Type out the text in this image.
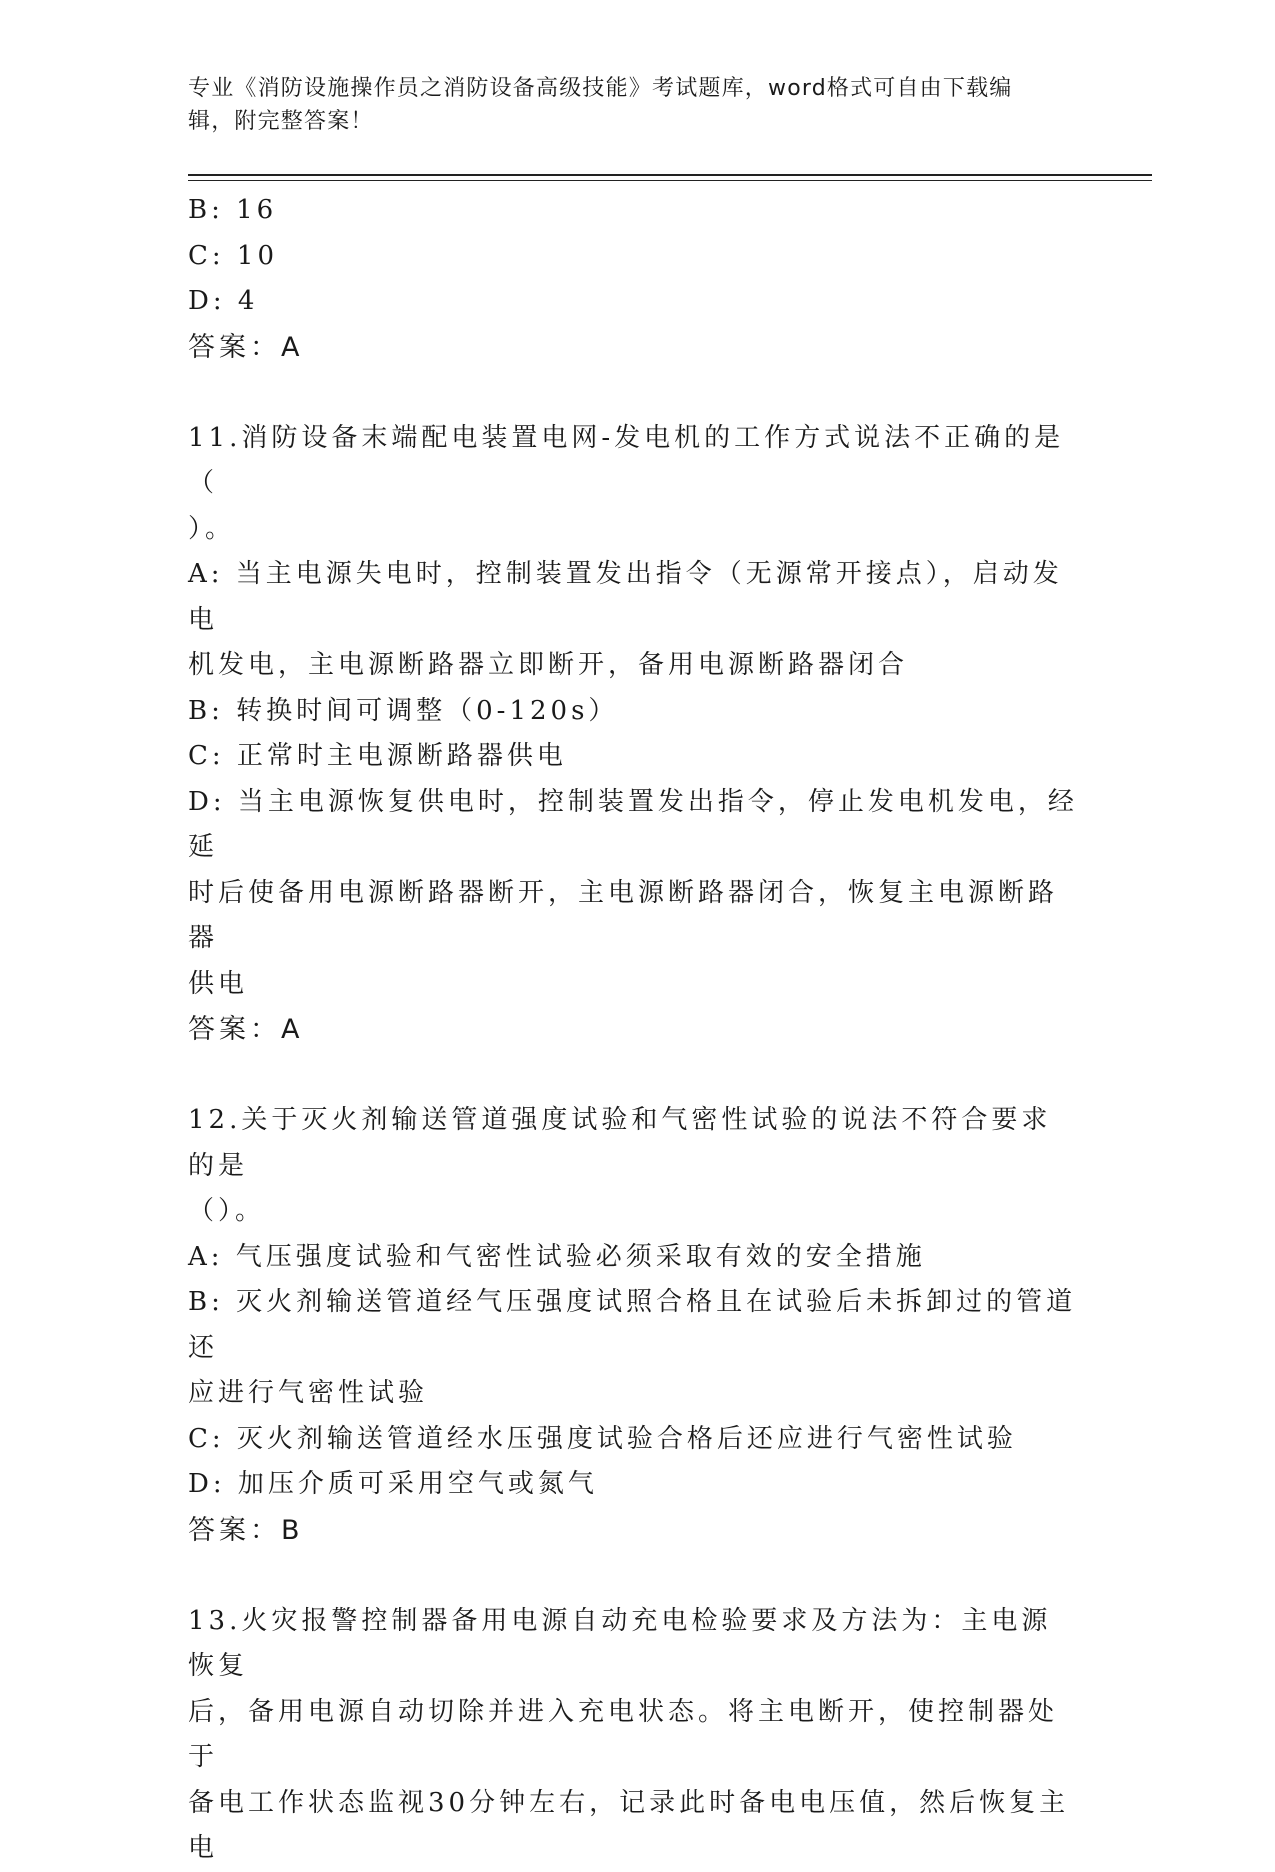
专业《消防设施操作员之消防设备高级技能》考试题库，word格式可自由下载编
辑，附完整答案！

B: 16

C: 10

D: 4

答案：A

11.消防设备末端配电装置电网-发电机的工作方式说法不正确的是（

）。

A: 当主电源失电时，控制装置发出指令（无源常开接点），启动发电

机发电，主电源断路器立即断开，备用电源断路器闭合

B: 转换时间可调整（0-120s）

C: 正常时主电源断路器供电

D: 当主电源恢复供电时，控制装置发出指令，停止发电机发电，经延

时后使备用电源断路器断开，主电源断路器闭合，恢复主电源断路器

供电

答案：A

12.关于灭火剂输送管道强度试验和气密性试验的说法不符合要求的是

（）。

A: 气压强度试验和气密性试验必须采取有效的安全措施

B: 灭火剂输送管道经气压强度试照合格且在试验后未拆卸过的管道还

应进行气密性试验

C: 灭火剂输送管道经水压强度试验合格后还应进行气密性试验

D: 加压介质可采用空气或氮气

答案：B

13.火灾报警控制器备用电源自动充电检验要求及方法为：主电源恢复

后，备用电源自动切除并进入充电状态。将主电断开，使控制器处于

备电工作状态监视30分钟左右，记录此时备电电压值，然后恢复主电
